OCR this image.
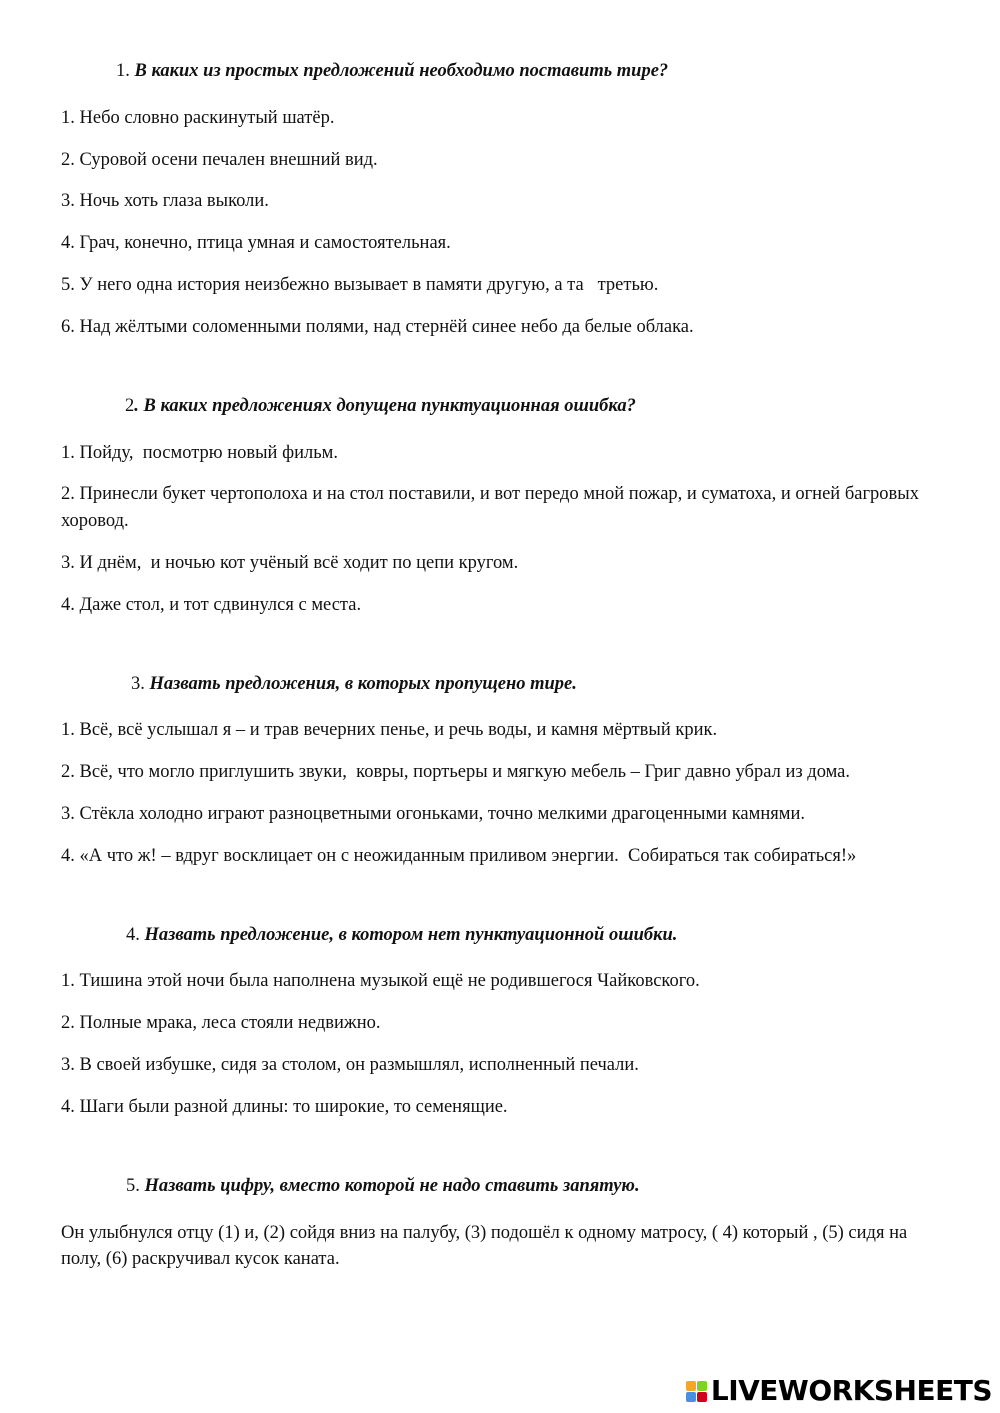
1. В каких из простых предложений необходимо поставить тире?

1. Небо словно раскинутый шатёр.

2. Суровой осени печален внешний вид.

3. Ночь хоть глаза выколи.

4. Грач, конечно, птица умная и самостоятельная.

5. У него одна история неизбежно вызывает в памяти другую, а та   третью.

6. Над жёлтыми соломенными полями, над стернёй синее небо да белые облака.

2. В каких предложениях допущена пунктуационная ошибка?

1. Пойду,  посмотрю новый фильм.

2. Принесли букет чертополоха и на стол поставили, и вот передо мной пожар, и суматоха, и огней багровых хоровод.

3. И днём,  и ночью кот учёный всё ходит по цепи кругом.

4. Даже стол, и тот сдвинулся с места.

3. Назвать предложения, в которых пропущено тире.

1. Всё, всё услышал я – и трав вечерних пенье, и речь воды, и камня мёртвый крик.

2. Всё, что могло приглушить звуки,  ковры, портьеры и мягкую мебель – Григ давно убрал из дома.

3. Стёкла холодно играют разноцветными огоньками, точно мелкими драгоценными камнями.

4. «А что ж! – вдруг восклицает он с неожиданным приливом энергии.  Собираться так собираться!»

4. Назвать предложение, в котором нет пунктуационной ошибки.

1. Тишина этой ночи была наполнена музыкой ещё не родившегося Чайковского.

2. Полные мрака, леса стояли недвижно.

3. В своей избушке, сидя за столом, он размышлял, исполненный печали.

4. Шаги были разной длины: то широкие, то семенящие.

5. Назвать цифру, вместо которой не надо ставить запятую.

Он улыбнулся отцу (1) и, (2) сойдя вниз на палубу, (3) подошёл к одному матросу, ( 4) который , (5) сидя на полу, (6) раскручивал кусок каната.

LIVEWORKSHEETS
